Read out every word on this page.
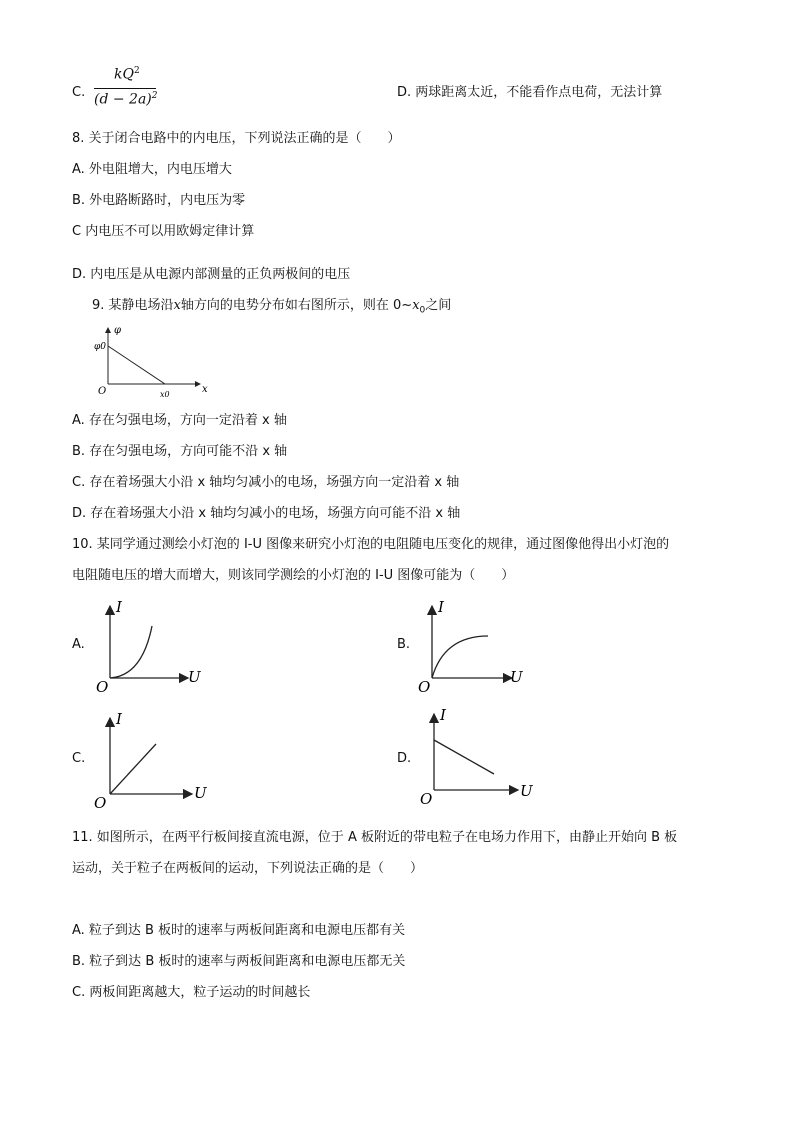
C.
$kQ^2$
$(d - 2a)^2$	D. 两球距离太近，不能看作点电荷，无法计算
8. 关于闭合电路中的内电压，下列说法正确的是（　　）
A. 外电阻增大，内电压增大
B. 外电路断路时，内电压为零
C 内电压不可以用欧姆定律计算
D. 内电压是从电源内部测量的正负两极间的电压
9. 某静电场沿x轴方向的电势分布如右图所示，则在 $0\sim x_0$之间
φ
φ0
O	x
x0
A. 存在匀强电场，方向一定沿着 x 轴
B. 存在匀强电场，方向可能不沿 x 轴
C. 存在着场强大小沿 x 轴均匀减小的电场，场强方向一定沿着 x 轴
D. 存在着场强大小沿 x 轴均匀减小的电场，场强方向可能不沿 x 轴
10. 某同学通过测绘小灯泡的 I-U 图像来研究小灯泡的电阻随电压变化的规律，通过图像他得出小灯泡的
电阻随电压的增大而增大，则该同学测绘的小灯泡的 I-U 图像可能为（　　）
A.
I
U
O
B.
I
U
O
C.
I
U
O
D.
I
U
O
11. 如图所示，在两平行板间接直流电源，位于 A 板附近的带电粒子在电场力作用下，由静止开始向 B 板
运动，关于粒子在两板间的运动，下列说法正确的是（　　）
A. 粒子到达 B 板时的速率与两板间距离和电源电压都有关
B. 粒子到达 B 板时的速率与两板间距离和电源电压都无关
C. 两板间距离越大，粒子运动的时间越长
